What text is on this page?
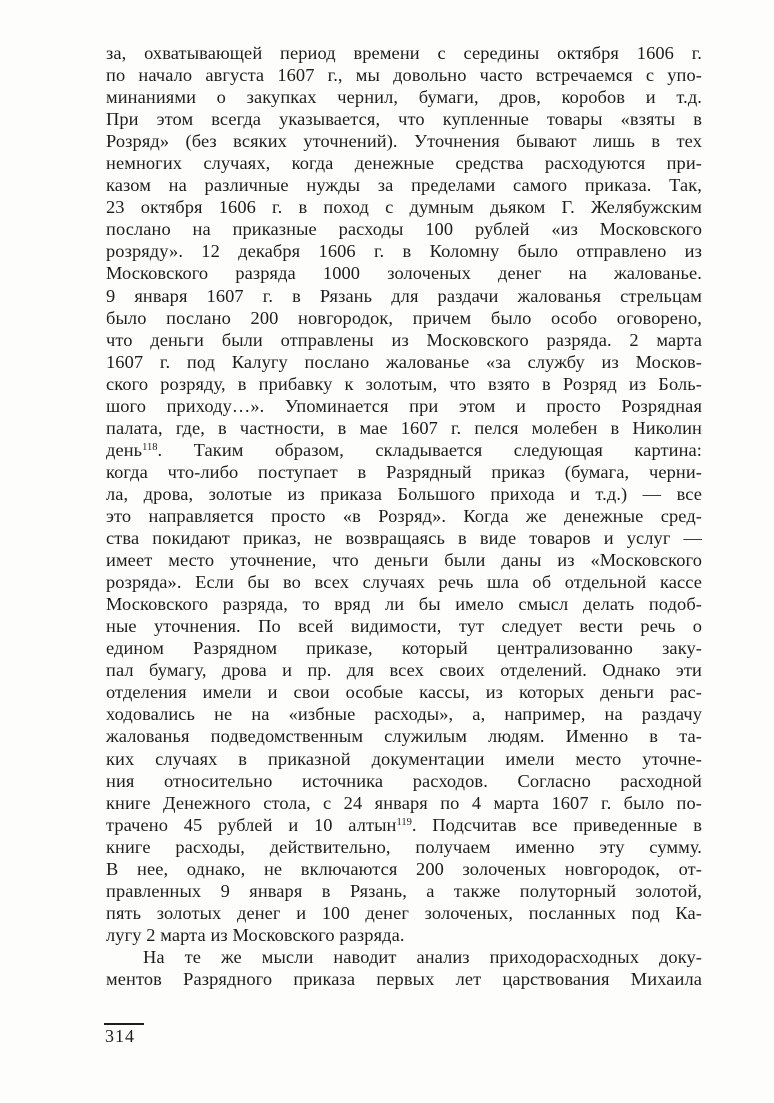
за, охватывающей период времени с середины октября 1606 г.
по начало августа 1607 г., мы довольно часто встречаемся с упо-
минаниями о закупках чернил, бумаги, дров, коробов и т.д.
При этом всегда указывается, что купленные товары «взяты в
Розряд» (без всяких уточнений). Уточнения бывают лишь в тех
немногих случаях, когда денежные средства расходуются при-
казом на различные нужды за пределами самого приказа. Так,
23 октября 1606 г. в поход с думным дьяком Г. Желябужским
послано на приказные расходы 100 рублей «из Московского
розряду». 12 декабря 1606 г. в Коломну было отправлено из
Московского разряда 1000 золоченых денег на жалованье.
9 января 1607 г. в Рязань для раздачи жалованья стрельцам
было послано 200 новгородок, причем было особо оговорено,
что деньги были отправлены из Московского разряда. 2 марта
1607 г. под Калугу послано жалованье «за службу из Москов-
ского розряду, в прибавку к золотым, что взято в Розряд из Боль-
шого приходу…». Упоминается при этом и просто Розрядная
палата, где, в частности, в мае 1607 г. пелся молебен в Николин
день$^{118}$. Таким образом, складывается следующая картина:
когда что-либо поступает в Разрядный приказ (бумага, черни-
ла, дрова, золотые из приказа Большого прихода и т.д.) — все
это направляется просто «в Розряд». Когда же денежные сред-
ства покидают приказ, не возвращаясь в виде товаров и услуг —
имеет место уточнение, что деньги были даны из «Московского
розряда». Если бы во всех случаях речь шла об отдельной кассе
Московского разряда, то вряд ли бы имело смысл делать подоб-
ные уточнения. По всей видимости, тут следует вести речь о
едином Разрядном приказе, который централизованно заку-
пал бумагу, дрова и пр. для всех своих отделений. Однако эти
отделения имели и свои особые кассы, из которых деньги рас-
ходовались не на «избные расходы», а, например, на раздачу
жалованья подведомственным служилым людям. Именно в та-
ких случаях в приказной документации имели место уточне-
ния относительно источника расходов. Согласно расходной
книге Денежного стола, с 24 января по 4 марта 1607 г. было по-
трачено 45 рублей и 10 алтын$^{119}$. Подсчитав все приведенные в
книге расходы, действительно, получаем именно эту сумму.
В нее, однако, не включаются 200 золоченых новгородок, от-
правленных 9 января в Рязань, а также полуторный золотой,
пять золотых денег и 100 денег золоченых, посланных под Ка-
лугу 2 марта из Московского разряда.
На те же мысли наводит анализ приходорасходных доку-
ментов Разрядного приказа первых лет царствования Михаила
314
